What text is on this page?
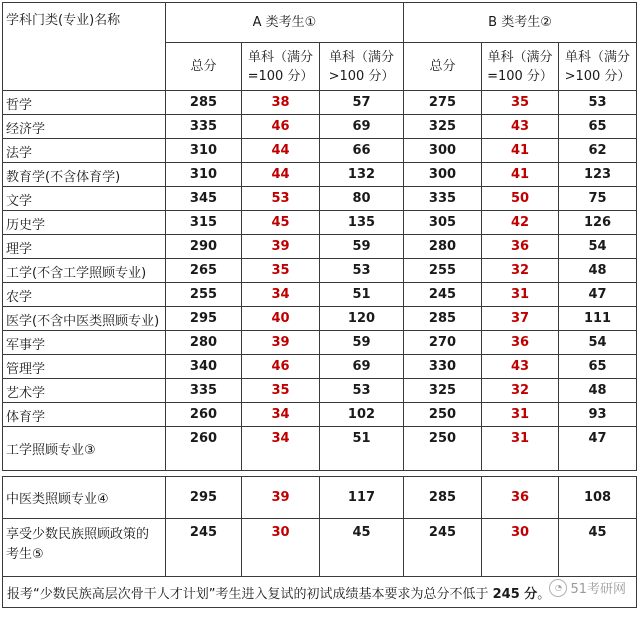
学科门类(专业)名称	A 类考生①			B 类考生②		
	总分	单科（满分=100 分）	单科（满分>100 分）	总分	单科（满分=100 分）	单科（满分>100 分）
哲学	285	38	57	275	35	53
经济学	335	46	69	325	43	65
法学	310	44	66	300	41	62
教育学(不含体育学)	310	44	132	300	41	123
文学	345	53	80	335	50	75
历史学	315	45	135	305	42	126
理学	290	39	59	280	36	54
工学(不含工学照顾专业)	265	35	53	255	32	48
农学	255	34	51	245	31	47
医学(不含中医类照顾专业)	295	40	120	285	37	111
军事学	280	39	59	270	36	54
管理学	340	46	69	330	43	65
艺术学	335	35	53	325	32	48
体育学	260	34	102	250	31	93
工学照顾专业③	260	34	51	250	31	47

中医类照顾专业④	295	39	117	285	36	108

享受少数民族照顾政策的
考生⑤	245	30	45	245	30	45
报考“少数民族高层次骨干人才计划”考生进入复试的初试成绩基本要求为总分不低于 245 分。						◔ 51考研网
